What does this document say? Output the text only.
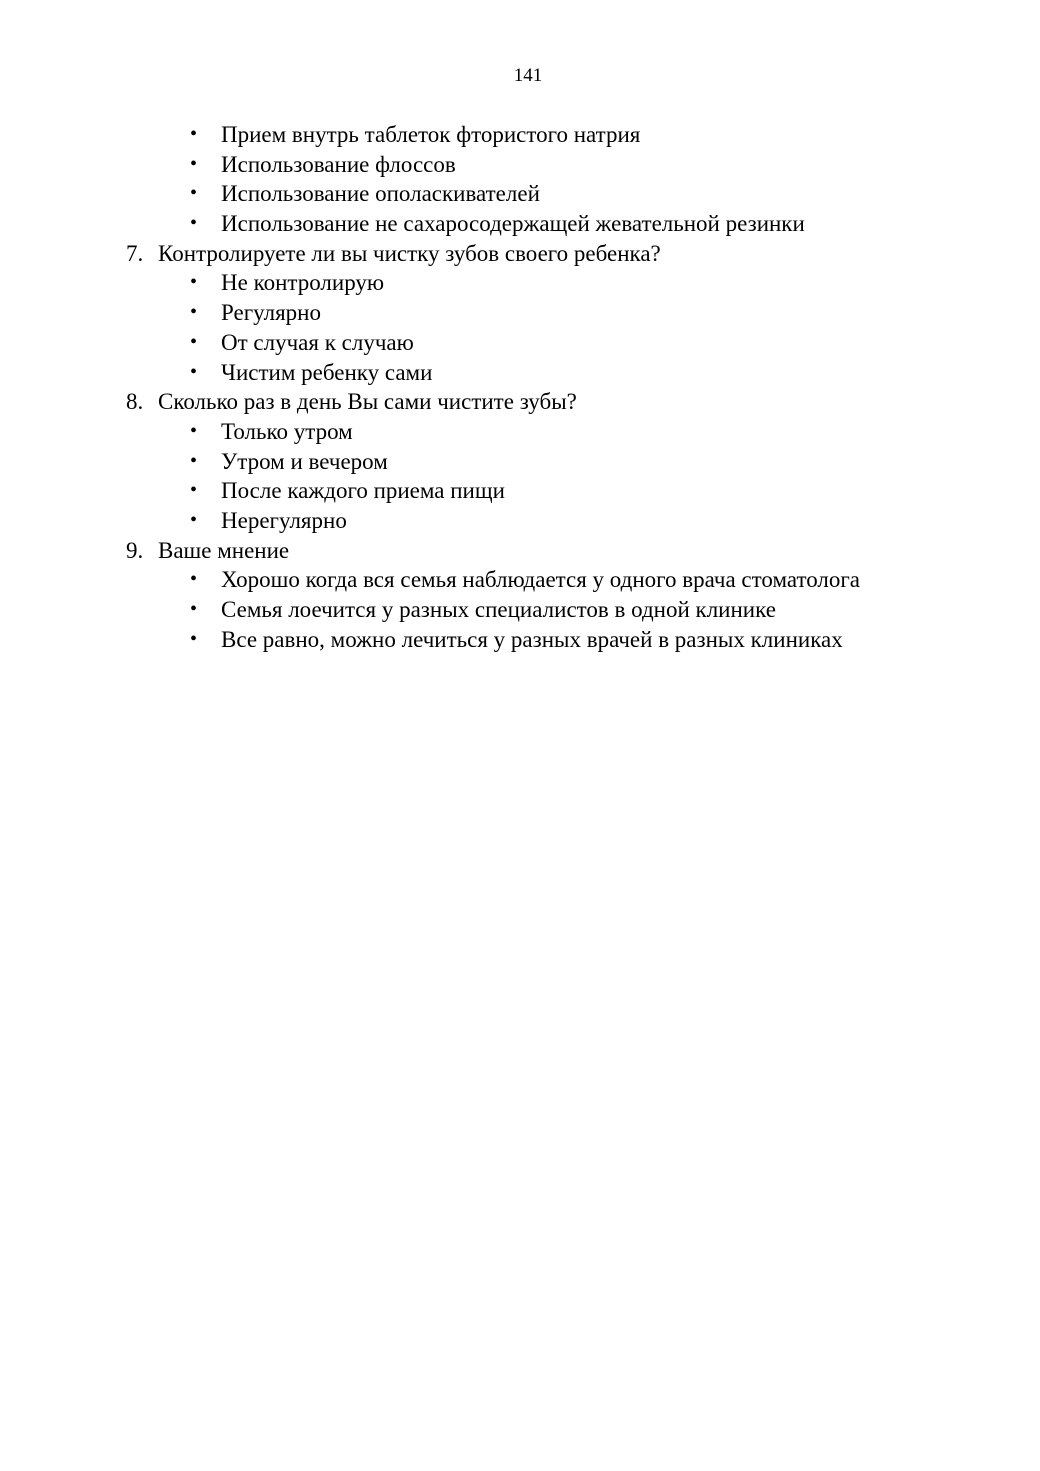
141
• Прием внутрь таблеток фтористого натрия
• Использование флоссов
• Использование ополаскивателей
• Использование не сахаросодержащей жевательной резинки
7. Контролируете ли вы чистку зубов своего ребенка?
• Не контролирую
• Регулярно
• От случая к случаю
• Чистим ребенку сами
8. Сколько раз в день Вы сами чистите зубы?
• Только утром
• Утром и вечером
• После каждого приема пищи
• Нерегулярно
9. Ваше мнение
• Хорошо когда вся семья наблюдается у одного врача стоматолога
• Семья лоечится у разных специалистов в одной клинике
• Все равно, можно лечиться у разных врачей в разных клиниках
